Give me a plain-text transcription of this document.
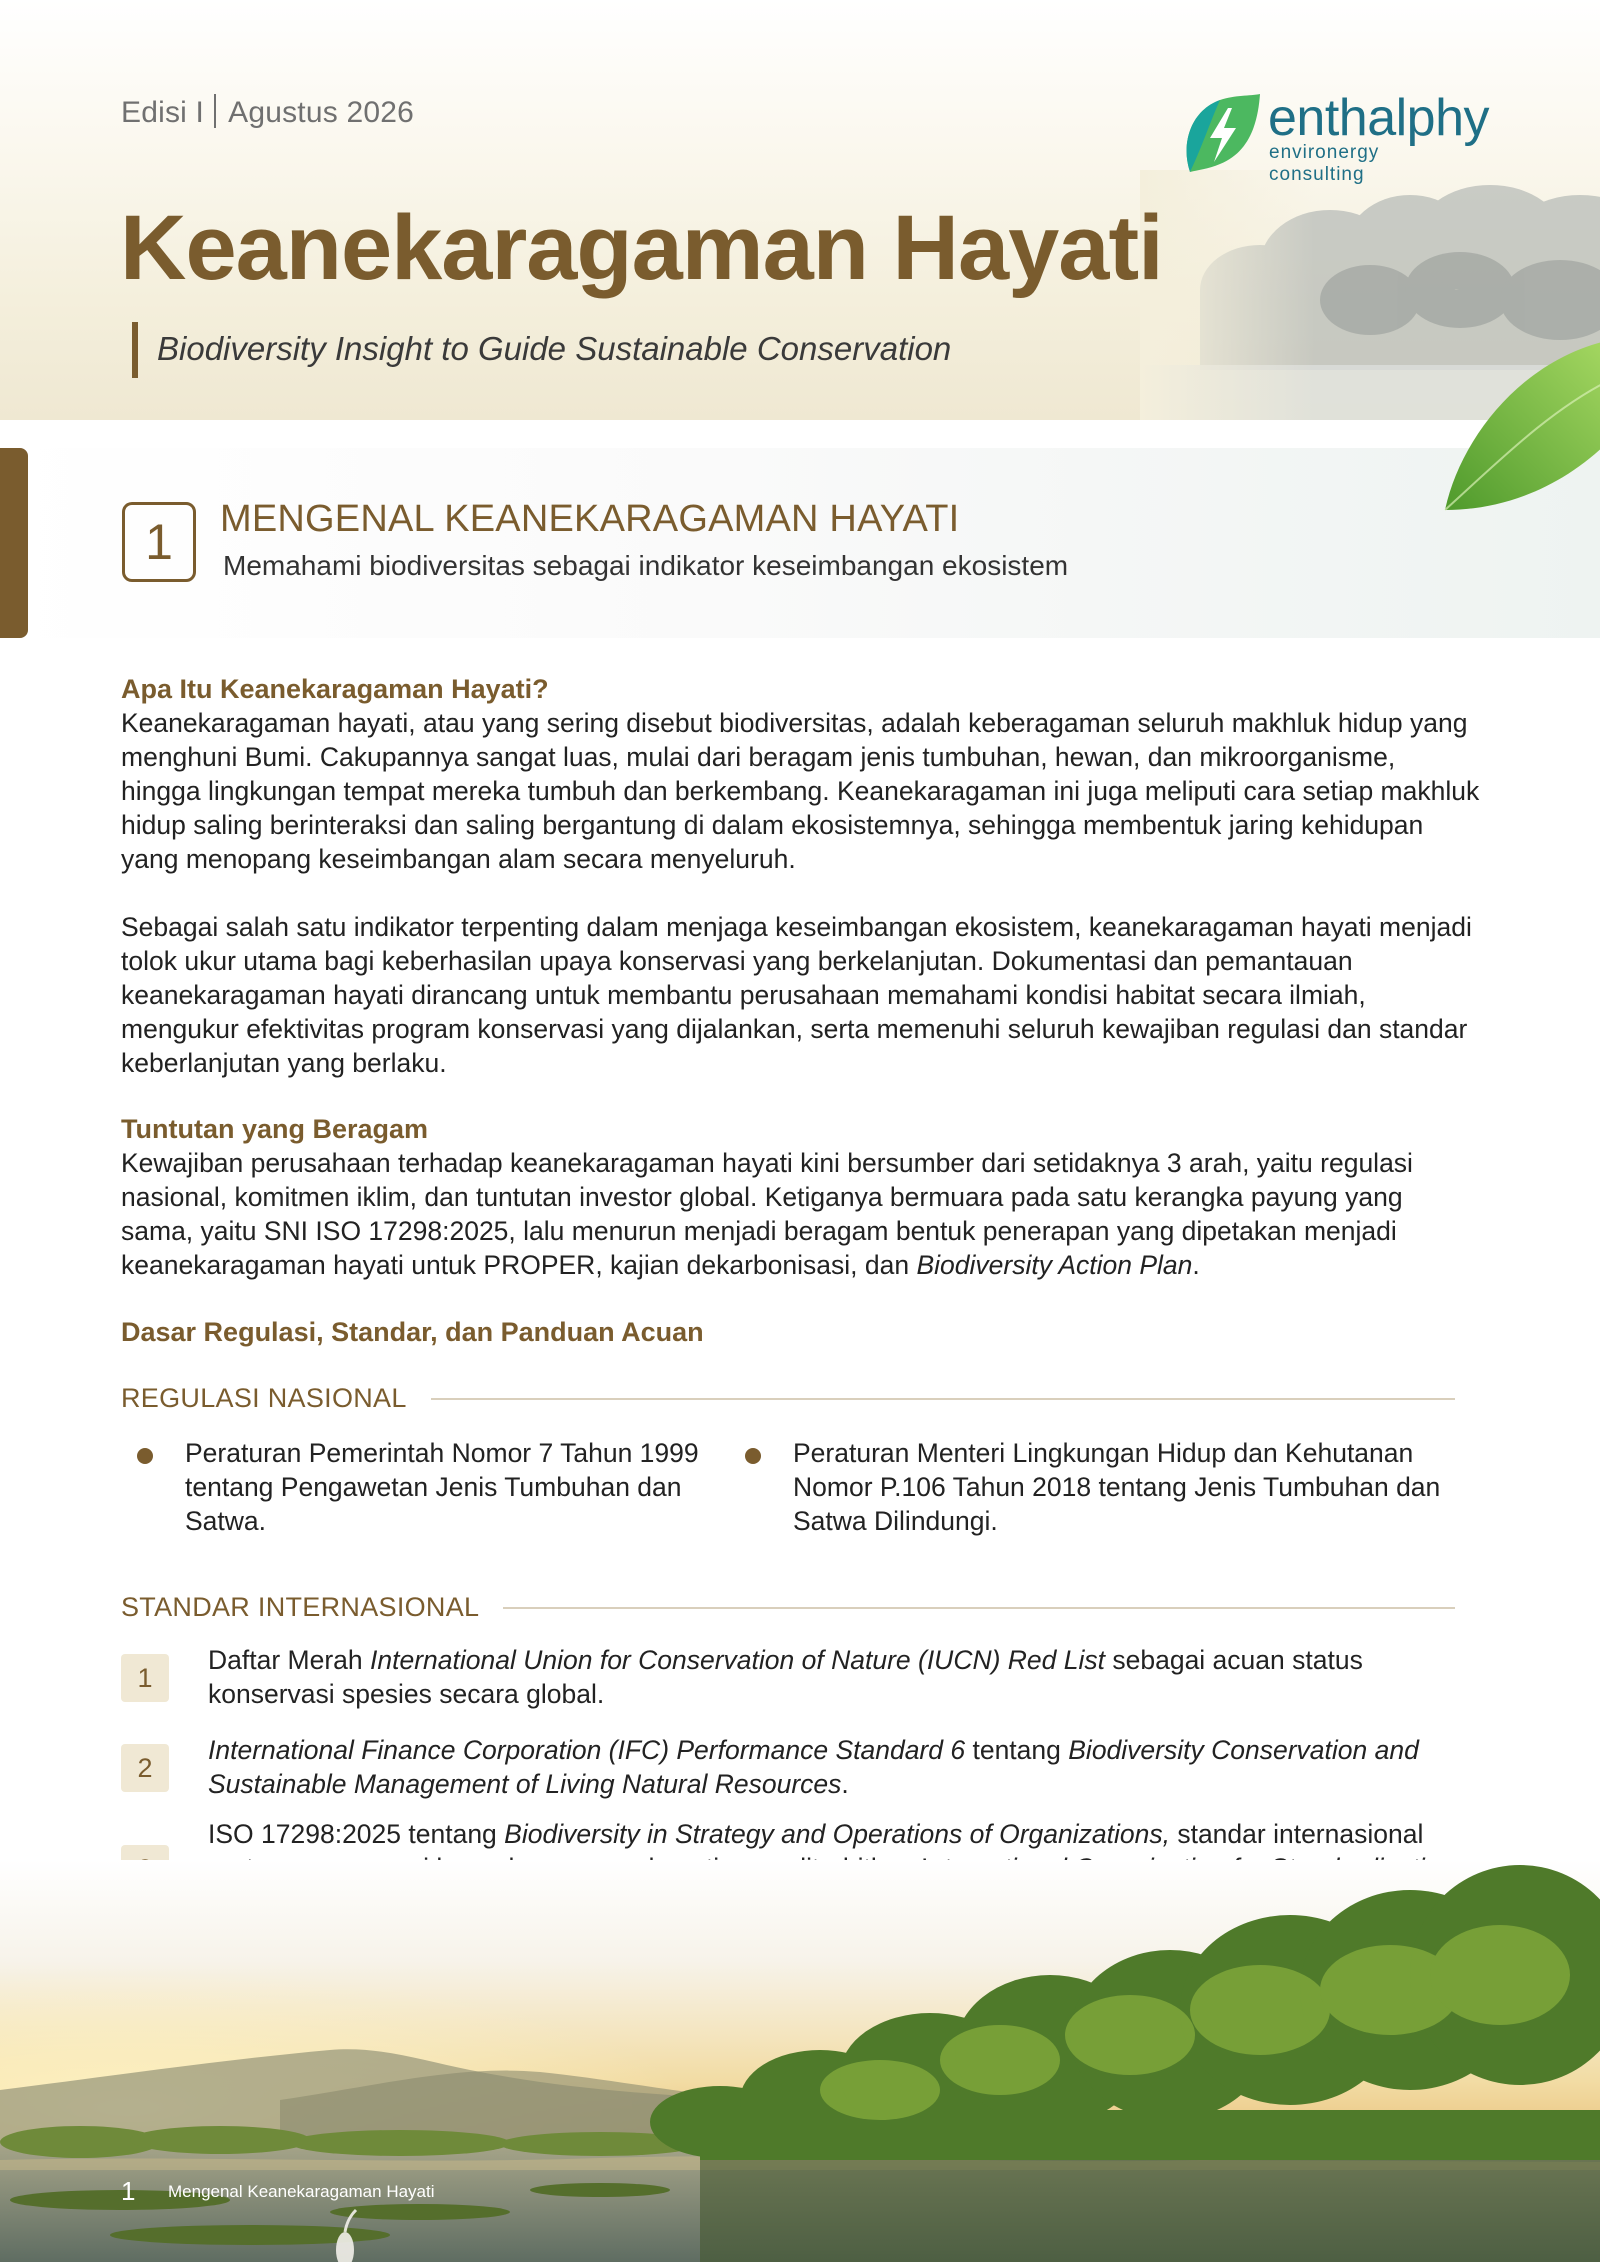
Edisi I Agustus 2026	enthalphy
environergy consulting
Keanekaragaman Hayati
Biodiversity Insight to Guide Sustainable Conservation
1	MENGENAL KEANEKARAGAMAN HAYATI
Memahami biodiversitas sebagai indikator keseimbangan ekosistem
Apa Itu Keanekaragaman Hayati?

Keanekaragaman hayati, atau yang sering disebut biodiversitas, adalah keberagaman seluruh makhluk hidup yang menghuni Bumi. Cakupannya sangat luas, mulai dari beragam jenis tumbuhan, hewan, dan mikroorganisme, hingga lingkungan tempat mereka tumbuh dan berkembang. Keanekaragaman ini juga meliputi cara setiap makhluk hidup saling berinteraksi dan saling bergantung di dalam ekosistemnya, sehingga membentuk jaring kehidupan yang menopang keseimbangan alam secara menyeluruh.

Sebagai salah satu indikator terpenting dalam menjaga keseimbangan ekosistem, keanekaragaman hayati menjadi tolok ukur utama bagi keberhasilan upaya konservasi yang berkelanjutan. Dokumentasi dan pemantauan keanekaragaman hayati dirancang untuk membantu perusahaan memahami kondisi habitat secara ilmiah, mengukur efektivitas program konservasi yang dijalankan, serta memenuhi seluruh kewajiban regulasi dan standar keberlanjutan yang berlaku.

Tuntutan yang Beragam

Kewajiban perusahaan terhadap keanekaragaman hayati kini bersumber dari setidaknya 3 arah, yaitu regulasi nasional, komitmen iklim, dan tuntutan investor global. Ketiganya bermuara pada satu kerangka payung yang sama, yaitu SNI ISO 17298:2025, lalu menurun menjadi beragam bentuk penerapan yang dipetakan menjadi keanekaragaman hayati untuk PROPER, kajian dekarbonisasi, dan Biodiversity Action Plan.

Dasar Regulasi, Standar, dan Panduan Acuan
REGULASI NASIONAL
Peraturan Pemerintah Nomor 7 Tahun 1999 tentang Pengawetan Jenis Tumbuhan dan Satwa.
Peraturan Menteri Lingkungan Hidup dan Kehutanan Nomor P.106 Tahun 2018 tentang Jenis Tumbuhan dan Satwa Dilindungi.
STANDAR INTERNASIONAL
1
Daftar Merah International Union for Conservation of Nature (IUCN) Red List sebagai acuan status konservasi spesies secara global.
2
International Finance Corporation (IFC) Performance Standard 6 tentang Biodiversity Conservation and Sustainable Management of Living Natural Resources.
ISO 17298:2025 tentang Biodiversity in Strategy and Operations of Organizations, standar internasional
1 Mengenal Keanekaragaman Hayati
